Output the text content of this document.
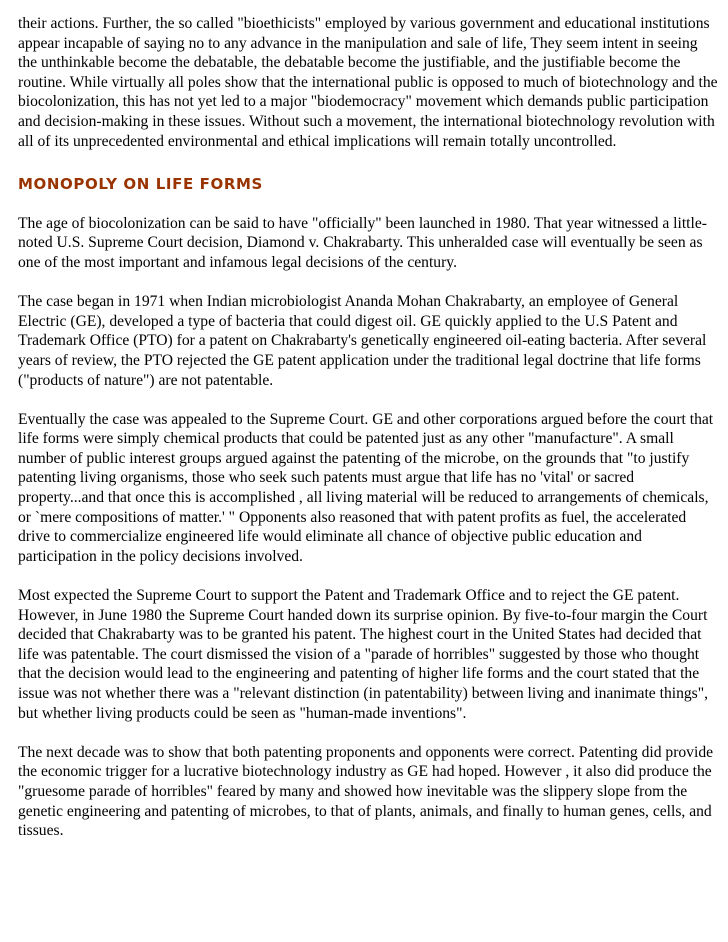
their actions. Further, the so called "bioethicists" employed by various government and educational institutions appear incapable of saying no to any advance in the manipulation and sale of life, They seem intent in seeing the unthinkable become the debatable, the debatable become the justifiable, and the justifiable become the routine. While virtually all poles show that the international public is opposed to much of biotechnology and the biocolonization, this has not yet led to a major "biodemocracy" movement which demands public participation and decision-making in these issues. Without such a movement, the international biotechnology revolution with all of its unprecedented environmental and ethical implications will remain totally uncontrolled.

MONOPOLY ON LIFE FORMS

The age of biocolonization can be said to have "officially" been launched in 1980. That year witnessed a little-noted U.S. Supreme Court decision, Diamond v. Chakrabarty. This unheralded case will eventually be seen as one of the most important and infamous legal decisions of the century.

The case began in 1971 when Indian microbiologist Ananda Mohan Chakrabarty, an employee of General Electric (GE), developed a type of bacteria that could digest oil. GE quickly applied to the U.S Patent and Trademark Office (PTO) for a patent on Chakrabarty's genetically engineered oil-eating bacteria. After several years of review, the PTO rejected the GE patent application under the traditional legal doctrine that life forms ("products of nature") are not patentable.

Eventually the case was appealed to the Supreme Court. GE and other corporations argued before the court that life forms were simply chemical products that could be patented just as any other "manufacture". A small number of public interest groups argued against the patenting of the microbe, on the grounds that "to justify patenting living organisms, those who seek such patents must argue that life has no 'vital' or sacred property...and that once this is accomplished , all living material will be reduced to arrangements of chemicals, or `mere compositions of matter.' " Opponents also reasoned that with patent profits as fuel, the accelerated drive to commercialize engineered life would eliminate all chance of objective public education and participation in the policy decisions involved.

Most expected the Supreme Court to support the Patent and Trademark Office and to reject the GE patent. However, in June 1980 the Supreme Court handed down its surprise opinion. By five-to-four margin the Court decided that Chakrabarty was to be granted his patent. The highest court in the United States had decided that life was patentable. The court dismissed the vision of a "parade of horribles" suggested by those who thought that the decision would lead to the engineering and patenting of higher life forms and the court stated that the issue was not whether there was a "relevant distinction (in patentability) between living and inanimate things", but whether living products could be seen as "human-made inventions".

The next decade was to show that both patenting proponents and opponents were correct. Patenting did provide the economic trigger for a lucrative biotechnology industry as GE had hoped. However , it also did produce the "gruesome parade of horribles" feared by many and showed how inevitable was the slippery slope from the genetic engineering and patenting of microbes, to that of plants, animals, and finally to human genes, cells, and tissues.
